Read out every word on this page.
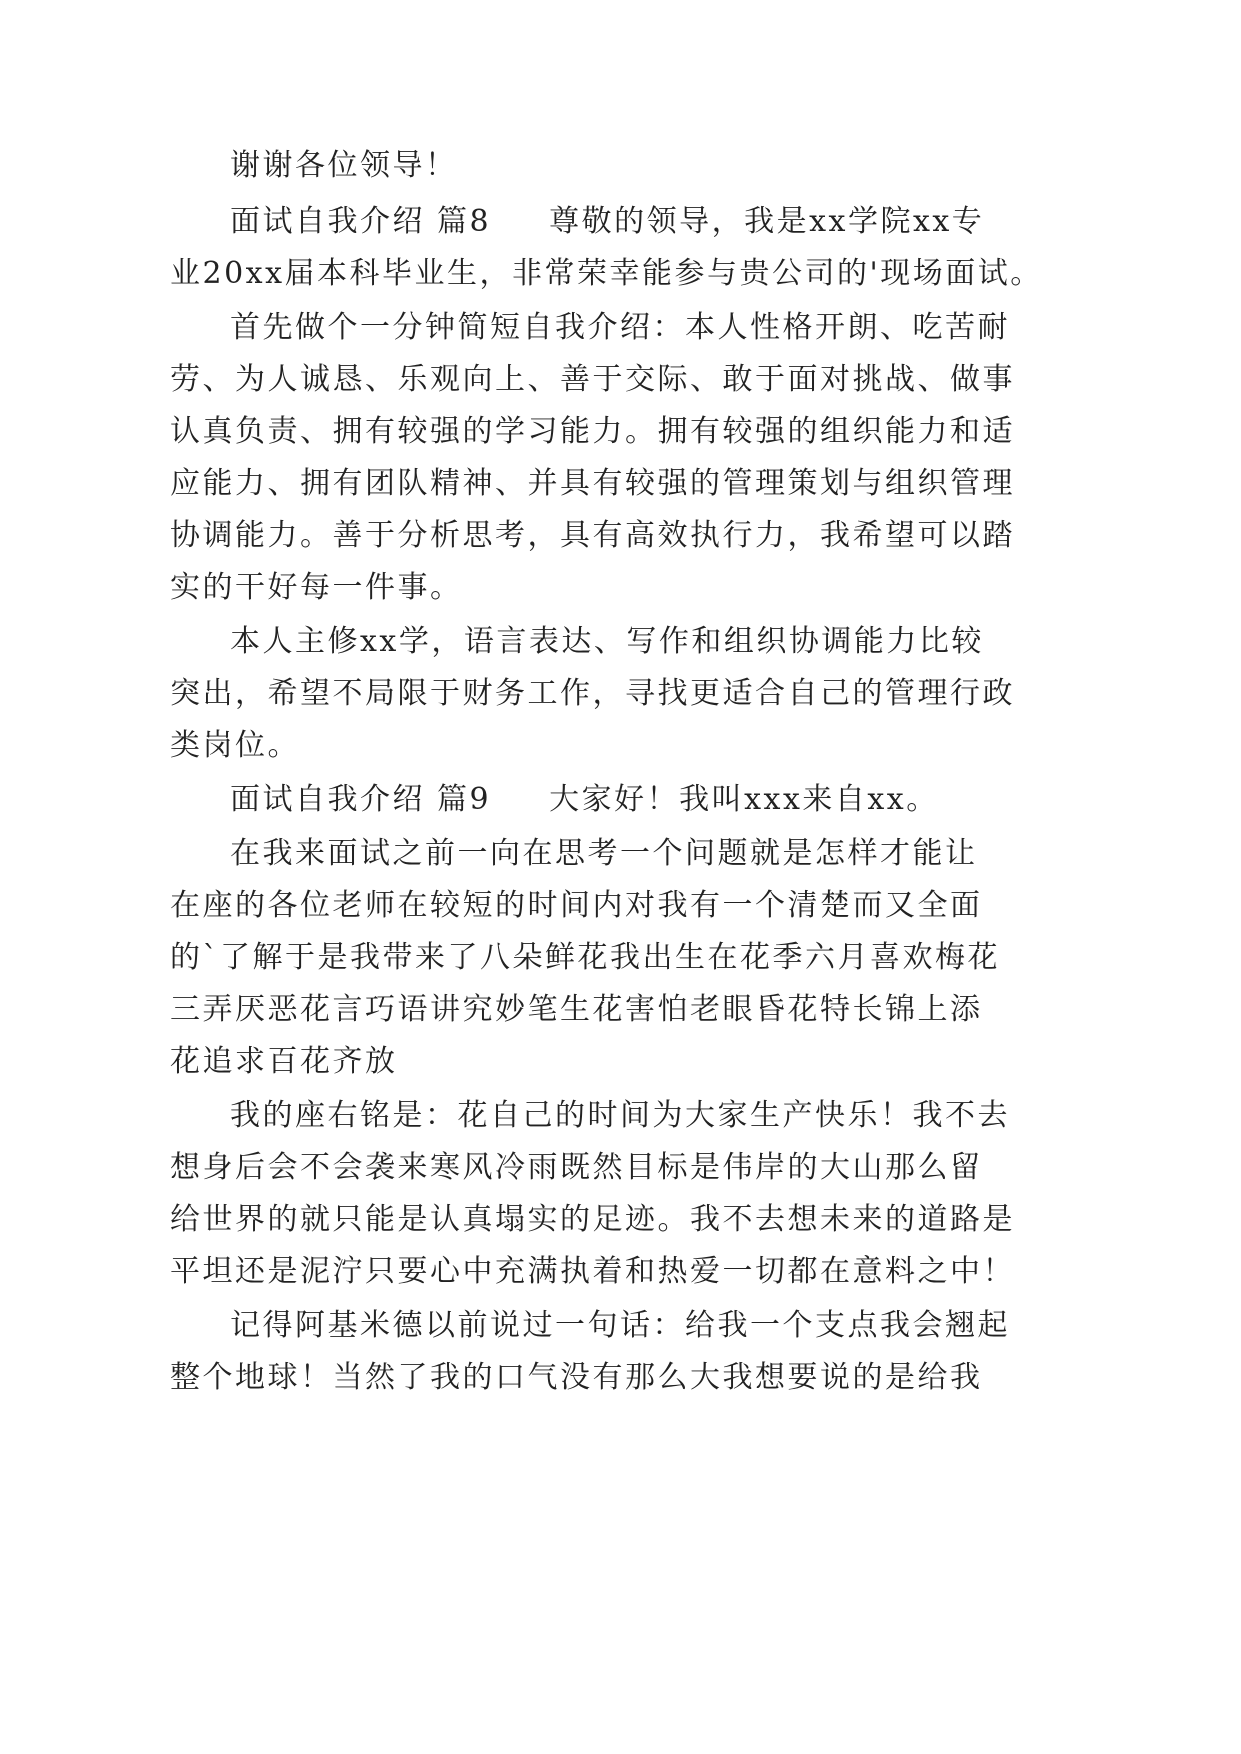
谢谢各位领导！
面试自我介绍 篇8 尊敬的领导，我是xx学院xx专
业20xx届本科毕业生，非常荣幸能参与贵公司的'现场面试。
首先做个一分钟简短自我介绍：本人性格开朗、吃苦耐
劳、为人诚恳、乐观向上、善于交际、敢于面对挑战、做事
认真负责、拥有较强的学习能力。拥有较强的组织能力和适
应能力、拥有团队精神、并具有较强的管理策划与组织管理
协调能力。善于分析思考，具有高效执行力，我希望可以踏
实的干好每一件事。
本人主修xx学，语言表达、写作和组织协调能力比较
突出，希望不局限于财务工作，寻找更适合自己的管理行政
类岗位。
面试自我介绍 篇9 大家好！我叫xxx来自xx。
在我来面试之前一向在思考一个问题就是怎样才能让
在座的各位老师在较短的时间内对我有一个清楚而又全面
的`了解于是我带来了八朵鲜花我出生在花季六月喜欢梅花
三弄厌恶花言巧语讲究妙笔生花害怕老眼昏花特长锦上添
花追求百花齐放
我的座右铭是：花自己的时间为大家生产快乐！我不去
想身后会不会袭来寒风冷雨既然目标是伟岸的大山那么留
给世界的就只能是认真塌实的足迹。我不去想未来的道路是
平坦还是泥泞只要心中充满执着和热爱一切都在意料之中！
记得阿基米德以前说过一句话：给我一个支点我会翘起
整个地球！当然了我的口气没有那么大我想要说的是给我
